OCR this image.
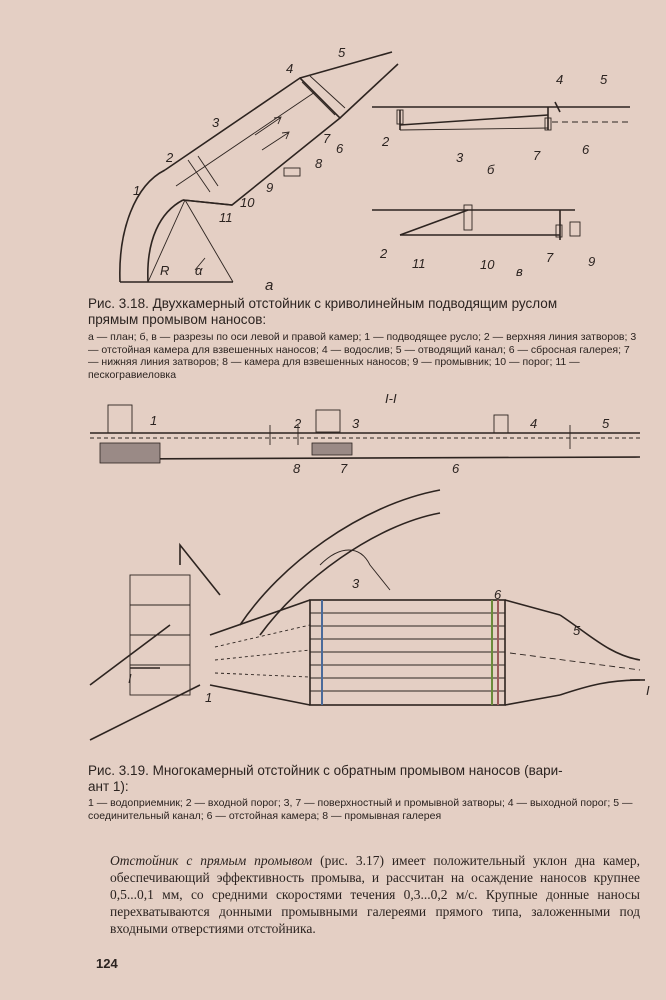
R α
а
1
2
3
4
5
6
7
8
9
10
11
2
3
4	5
6
7
б
2	7	9
10
11
в
Рис. 3.18. Двухкамерный отстойник с криволинейным подводящим руслом
прямым промывом наносов:
а — план; б, в — разрезы по оси левой и правой камер; 1 — подводящее русло; 2 — верхняя линия затворов; 3 — отстойная камера для взвешенных наносов; 4 — водослив; 5 — отводящий канал; 6 — сбросная галерея; 7 — нижняя линия затворов; 8 — камера для взвешенных наносов; 9 — промывник; 10 — порог; 11 — пескогравиеловка
I-I
1	2	3	4	5
6
7
8
I
I
1
3
5
6
Рис. 3.19. Многокамерный отстойник с обратным промывом наносов (вари-
ант 1):
1 — водоприемник; 2 — входной порог; 3, 7 — поверхностный и промывной затворы; 4 — выходной порог; 5 — соединительный канал; 6 — отстойная камера; 8 — промывная галерея
Отстойник с прямым промывом (рис. 3.17) имеет положительный уклон дна камер, обеспечивающий эффективность промыва, и рассчитан на осаждение наносов крупнее 0,5...0,1 мм, со средними скоростями течения 0,3...0,2 м/с. Крупные донные наносы перехватываются донными промывными галереями прямого типа, заложенными под входными отверстиями отстойника.
124
